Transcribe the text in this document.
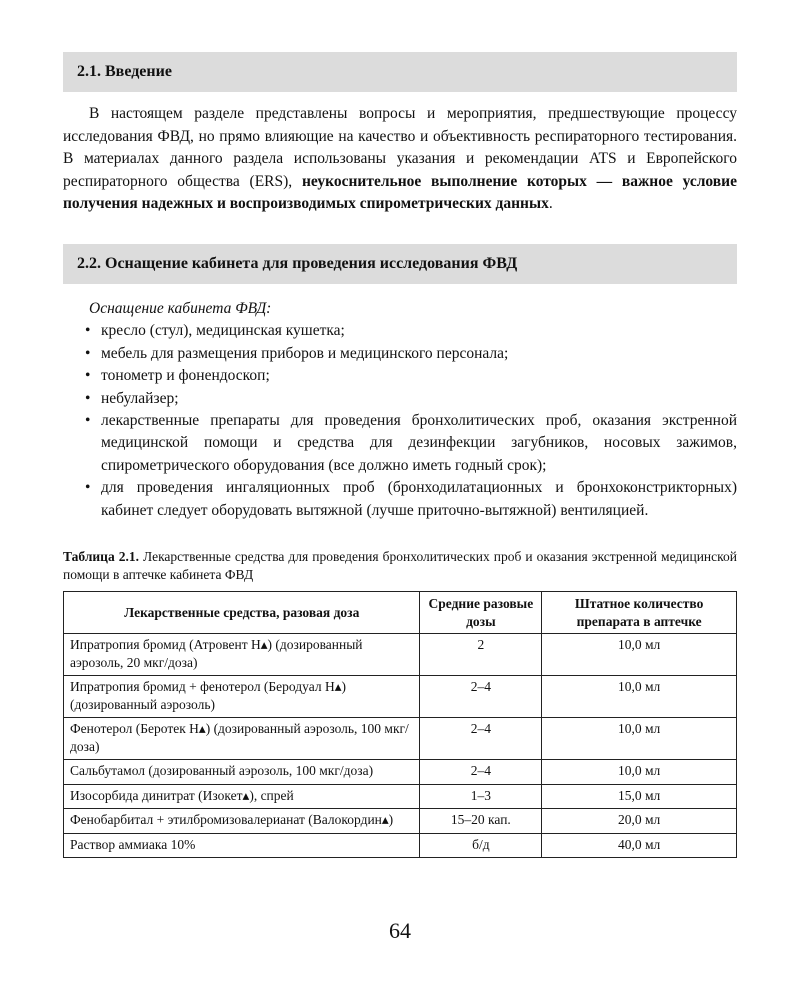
2.1. Введение

В настоящем разделе представлены вопросы и мероприятия, предшествующие процессу исследования ФВД, но прямо влияющие на качество и объективность респираторного тестирования. В материалах данного раздела использованы указания и рекомендации ATS и Европейского респираторного общества (ERS), неукоснительное выполнение которых — важное условие получения надежных и воспроизводимых спирометрических данных.

2.2. Оснащение кабинета для проведения исследования ФВД
Оснащение кабинета ФВД:
• кресло (стул), медицинская кушетка;
• мебель для размещения приборов и медицинского персонала;
• тонометр и фонендоскоп;
• небулайзер;
• лекарственные препараты для проведения бронхолитических проб, оказания экстренной медицинской помощи и средства для дезинфекции загубников, носовых зажимов, спирометрического оборудования (все должно иметь годный срок);
• для проведения ингаляционных проб (бронходилатационных и бронхоконстрикторных) кабинет следует оборудовать вытяжной (лучше приточно-вытяжной) вентиляцией.

Таблица 2.1. Лекарственные средства для проведения бронхолитических проб и оказания экстренной медицинской помощи в аптечке кабинета ФВД

Лекарственные средства, разовая доза	Средние разовые дозы	Штатное количество препарата в аптечке
Ипратропия бромид (Атровент Н▴) (дозированный аэрозоль, 20 мкг/доза)	2	10,0 мл
Ипратропия бромид + фенотерол (Беродуал Н▴) (дозированный аэрозоль)	2–4	10,0 мл
Фенотерол (Беротек Н▴) (дозированный аэрозоль, 100 мкг/доза)	2–4	10,0 мл
Сальбутамол (дозированный аэрозоль, 100 мкг/доза)	2–4	10,0 мл
Изосорбида динитрат (Изокет▴), спрей	1–3	15,0 мл
Фенобарбитал + этилбромизовалерианат (Валокордин▴)	15–20 кап.	20,0 мл
Раствор аммиака 10%	б/д	40,0 мл
64
